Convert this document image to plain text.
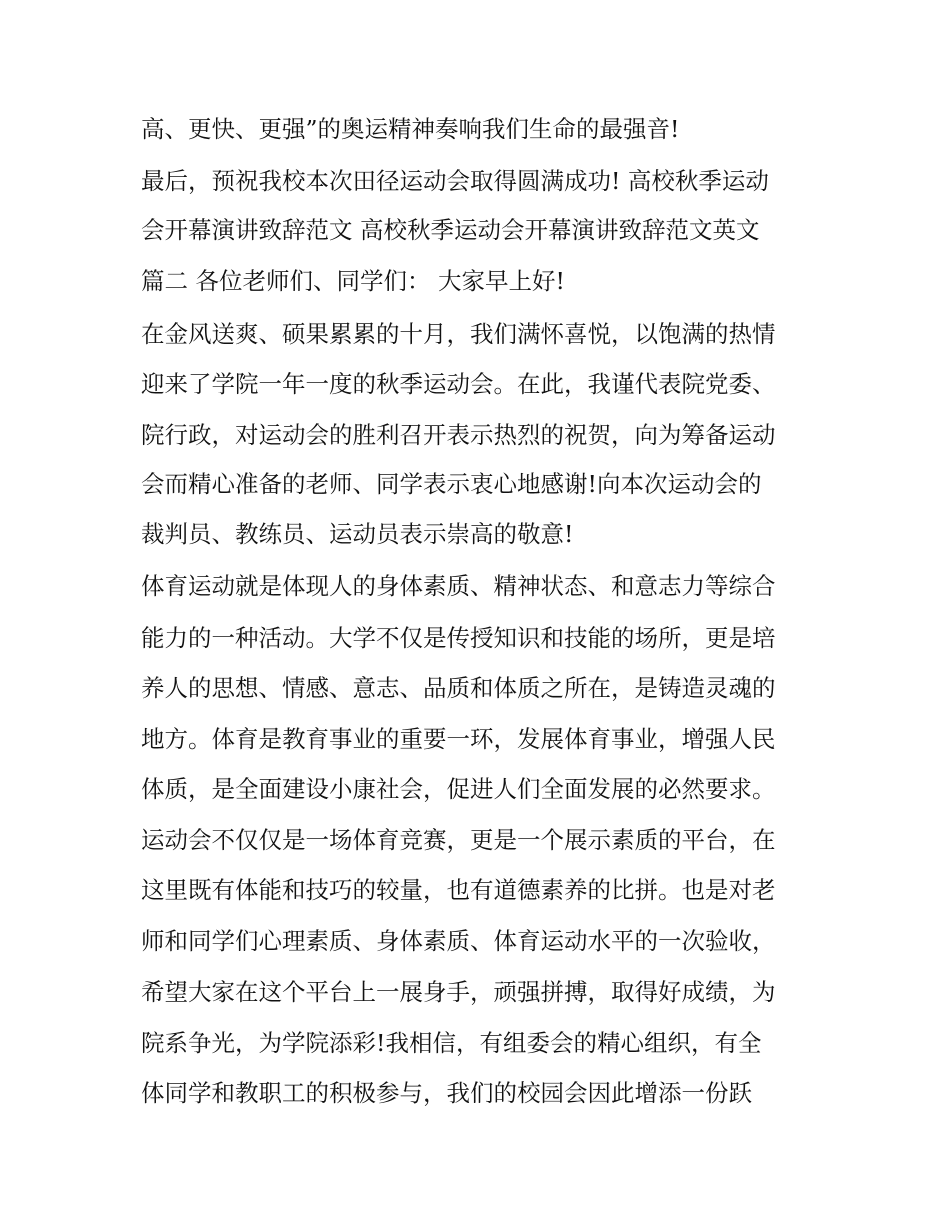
高、更快、更强”的奥运精神奏响我们生命的最强音!
最后，预祝我校本次田径运动会取得圆满成功! 高校秋季运动
会开幕演讲致辞范文 高校秋季运动会开幕演讲致辞范文英文
篇二 各位老师们、同学们： 大家早上好!
在金风送爽、硕果累累的十月，我们满怀喜悦，以饱满的热情
迎来了学院一年一度的秋季运动会。在此，我谨代表院党委、
院行政，对运动会的胜利召开表示热烈的祝贺，向为筹备运动
会而精心准备的老师、同学表示衷心地感谢!向本次运动会的
裁判员、教练员、运动员表示崇高的敬意!
体育运动就是体现人的身体素质、精神状态、和意志力等综合
能力的一种活动。大学不仅是传授知识和技能的场所，更是培
养人的思想、情感、意志、品质和体质之所在，是铸造灵魂的
地方。体育是教育事业的重要一环，发展体育事业，增强人民
体质，是全面建设小康社会，促进人们全面发展的必然要求。
运动会不仅仅是一场体育竞赛，更是一个展示素质的平台，在
这里既有体能和技巧的较量，也有道德素养的比拼。也是对老
师和同学们心理素质、身体素质、体育运动水平的一次验收，
希望大家在这个平台上一展身手，顽强拼搏，取得好成绩，为
院系争光，为学院添彩!我相信，有组委会的精心组织，有全
体同学和教职工的积极参与，我们的校园会因此增添一份跃
